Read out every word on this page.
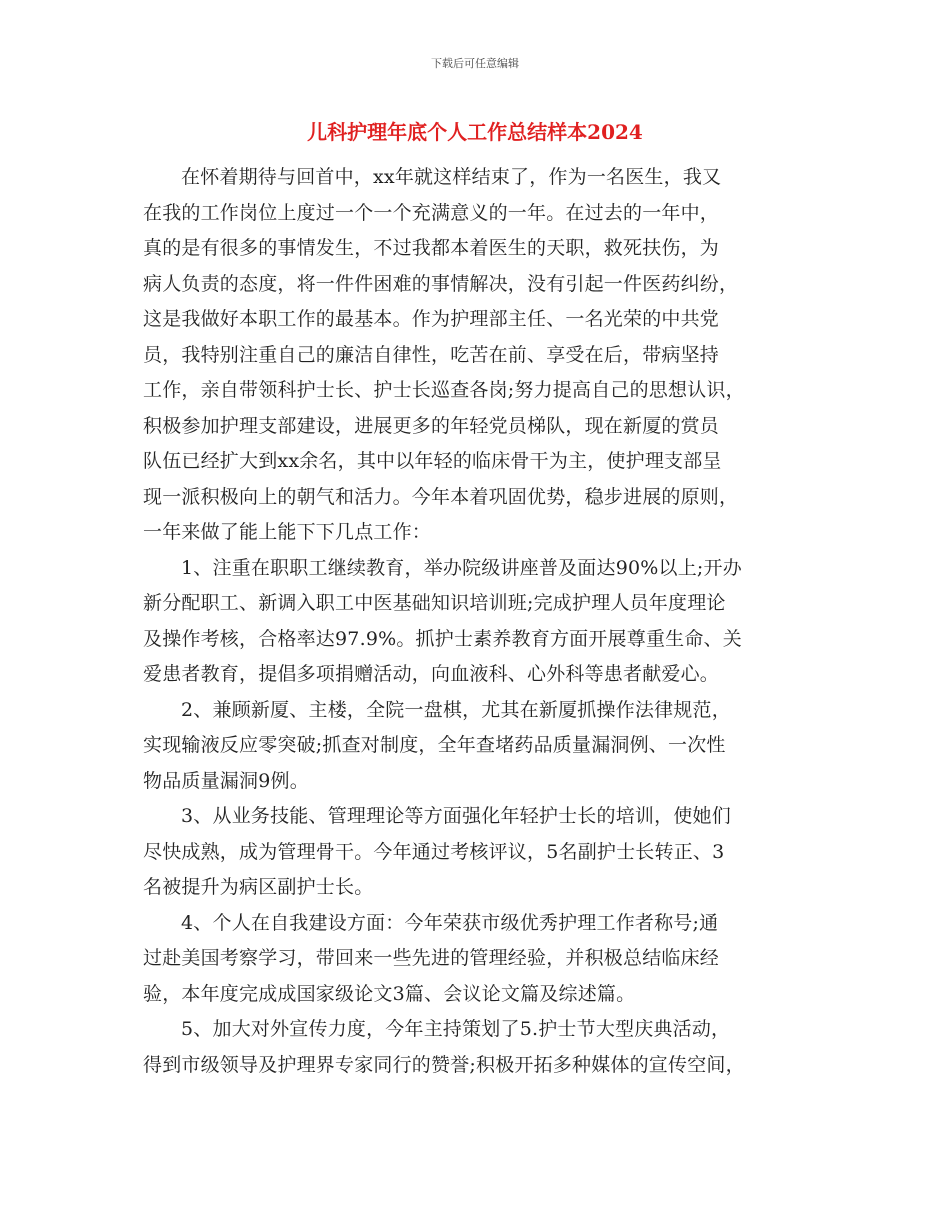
下载后可任意编辑
儿科护理年底个人工作总结样本2024
在怀着期待与回首中，xx年就这样结束了，作为一名医生，我又
在我的工作岗位上度过一个一个充满意义的一年。在过去的一年中，
真的是有很多的事情发生，不过我都本着医生的天职，救死扶伤，为
病人负责的态度，将一件件困难的事情解决，没有引起一件医药纠纷，
这是我做好本职工作的最基本。作为护理部主任、一名光荣的中共党
员，我特别注重自己的廉洁自律性，吃苦在前、享受在后，带病坚持
工作，亲自带领科护士长、护士长巡查各岗;努力提高自己的思想认识，
积极参加护理支部建设，进展更多的年轻党员梯队，现在新厦的赏员
队伍已经扩大到xx余名，其中以年轻的临床骨干为主，使护理支部呈
现一派积极向上的朝气和活力。今年本着巩固优势，稳步进展的原则，
一年来做了能上能下下几点工作：
1、注重在职职工继续教育，举办院级讲座普及面达90%以上;开办
新分配职工、新调入职工中医基础知识培训班;完成护理人员年度理论
及操作考核，合格率达97.9%。抓护士素养教育方面开展尊重生命、关
爱患者教育，提倡多项捐赠活动，向血液科、心外科等患者献爱心。
2、兼顾新厦、主楼，全院一盘棋，尤其在新厦抓操作法律规范，
实现输液反应零突破;抓查对制度，全年查堵药品质量漏洞例、一次性
物品质量漏洞9例。
3、从业务技能、管理理论等方面强化年轻护士长的培训，使她们
尽快成熟，成为管理骨干。今年通过考核评议，5名副护士长转正、3
名被提升为病区副护士长。
4、个人在自我建设方面：今年荣获市级优秀护理工作者称号;通
过赴美国考察学习，带回来一些先进的管理经验，并积极总结临床经
验，本年度完成成国家级论文3篇、会议论文篇及综述篇。
5、加大对外宣传力度，今年主持策划了5.护士节大型庆典活动，
得到市级领导及护理界专家同行的赞誉;积极开拓多种媒体的宣传空间，
